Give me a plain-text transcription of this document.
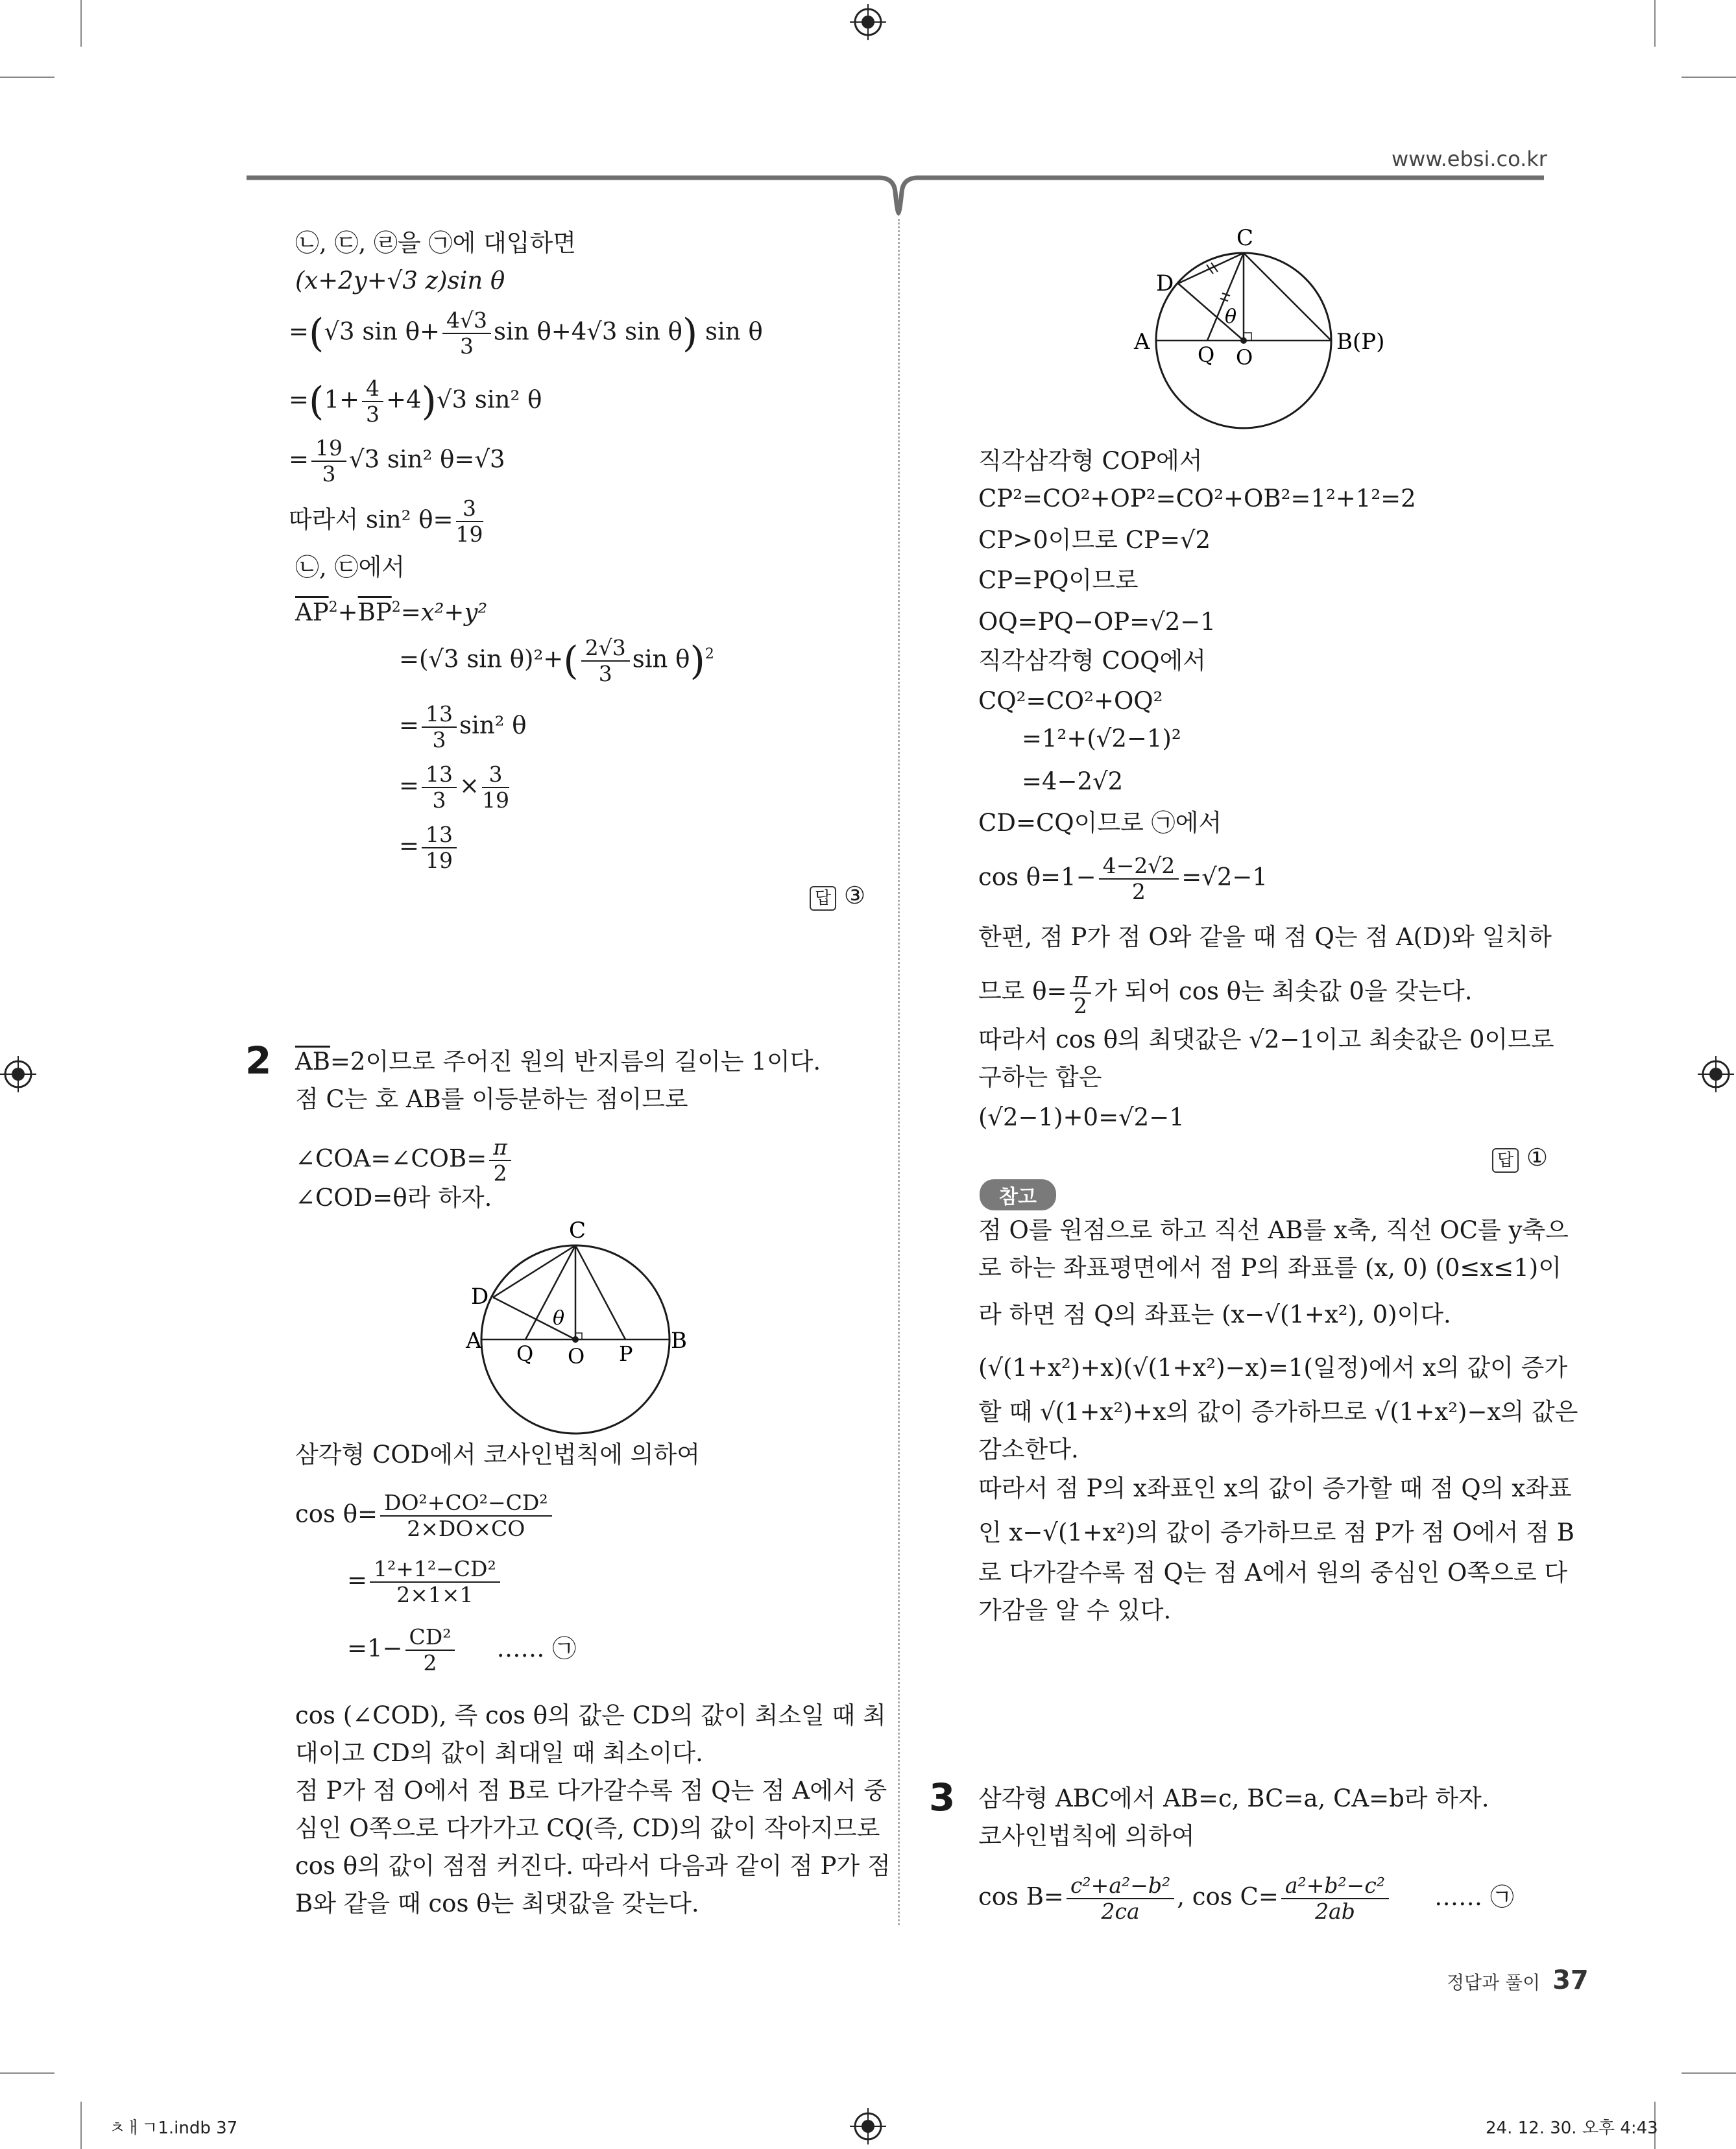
www.ebsi.co.kr
㉡, ㉢, ㉣을 ㉠에 대입하면
(x+2y+√3 z)sin θ
=(√3 $\sin \theta+ \frac{4√3}{3}$ sin θ+4√3 sin θ) sin θ
$=(1+ \frac{4}{3} +4)√3$ sin² θ
= $\frac{19}{3} √3$ sin² θ=√3
따라서 sin² $\theta= \frac{3}{19}$
㉡, ㉢에서
$\overline{AP}^2+\overline{BP}^2=x^2+y^2$
=(√3 $\sin \theta)^2+( \frac{2√3}{3}$ sin θ)$^2$
= $\frac{13}{3} \sin^2$ θ
= $\frac{13}{3} \times \frac{3}{19}$
= $\frac{13}{19}$
답 ③
2 $\overline{AB}=2$이므로 주어진 원의 반지름의 길이는 1이다.
점 C는 호 AB를 이등분하는 점이므로
∠COA=∠COB= $\frac{\pi}{2}$
∠COD=θ라 하자.
C
D
A	B
Q O P
θ
삼각형 COD에서 코사인법칙에 의하여
$\cos \theta= \frac{\text{DO²+CO²−CD²}}{2\times DO\times CO}$
= $\frac{\text{1²+1²−CD²}}{2\times 1\times 1}$
$=1- \frac{\text{CD²}}{2}$ …… ㉠
cos (∠COD), 즉 cos θ의 값은 CD의 값이 최소일 때 최
대이고 CD의 값이 최대일 때 최소이다.
점 P가 점 O에서 점 B로 다가갈수록 점 Q는 점 A에서 중
심인 O쪽으로 다가가고 CQ(즉, CD)의 값이 작아지므로
cos θ의 값이 점점 커진다. 따라서 다음과 같이 점 P가 점
B와 같을 때 cos θ는 최댓값을 갖는다.
C
D
A	B(P)
Q O
θ
직각삼각형 COP에서
CP²=CO²+OP²=CO²+OB²=1²+1²=2
CP>0이므로 CP=√2
CP=PQ이므로
OQ=PQ−OP=√2−1
직각삼각형 COQ에서
CQ²=CO²+OQ²
=1²+(√2−1)²
=4−2√2
CD=CQ이므로 ㉠에서
$\cos \theta=1- \frac{4-2√2}{2} =√2-1$
한편, 점 P가 점 O와 같을 때 점 Q는 점 A(D)와 일치하
므로 $\theta= \frac{\pi}{2}$ 가 되어 cos θ는 최솟값 0을 갖는다.
따라서 cos θ의 최댓값은 √2−1이고 최솟값은 0이므로
구하는 합은
(√2−1)+0=√2−1
답 ①
참고
점 O를 원점으로 하고 직선 AB를 x축, 직선 OC를 y축으
로 하는 좌표평면에서 점 P의 좌표를 (x, 0) (0≤x≤1)이
라 하면 점 Q의 좌표는 (x−√(1+x²), 0)이다.
(√(1+x²)+x)(√(1+x²)−x)=1(일정)에서 x의 값이 증가
할 때 √(1+x²)+x의 값이 증가하므로 √(1+x²)−x의 값은
감소한다.
따라서 점 P의 x좌표인 x의 값이 증가할 때 점 Q의 x좌표
인 x−√(1+x²)의 값이 증가하므로 점 P가 점 O에서 점 B
로 다가갈수록 점 Q는 점 A에서 원의 중심인 O쪽으로 다
가감을 알 수 있다.
3 삼각형 ABC에서 AB=c, BC=a, CA=b라 하자.
코사인법칙에 의하여
$\cos B= \frac{\text{c²+a²−b²}}{2ca}$ , $\cos C= \frac{\text{a²+b²−c²}}{2ab}$ …… ㉠
정답과 풀이 37
ㅊㅐㄱ1.indb 37	24. 12. 30. 오후 4:43
